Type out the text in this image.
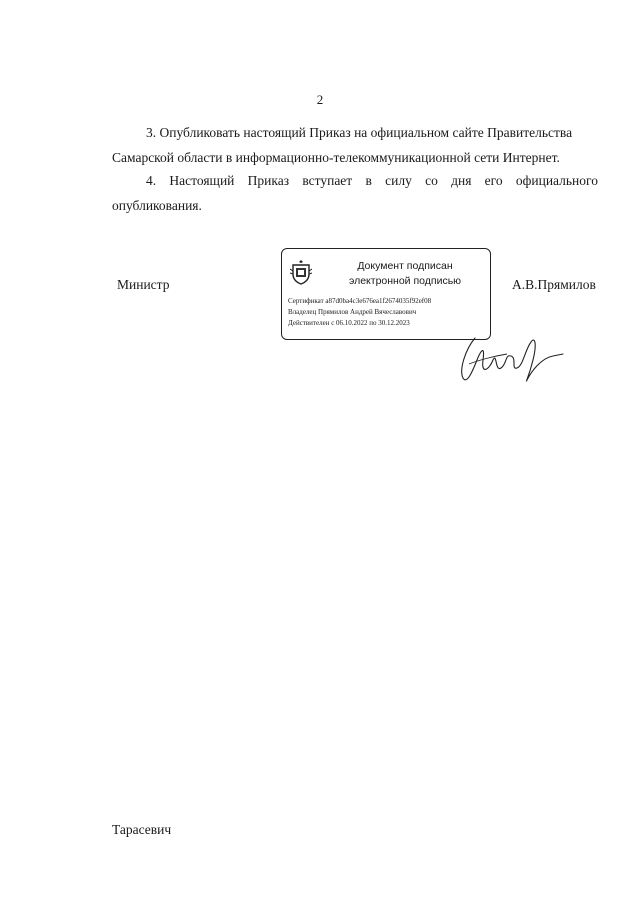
2
3. Опубликовать настоящий Приказ на официальном сайте Правительства
Самарской области в информационно-телекоммуникационной сети Интернет.
4. Настоящий Приказ вступает в силу со дня его официального
опубликования.
Министр
Документ подписан
электронной подписью
Сертификат a87d0ba4c3e676ea1f2674035f92ef08
Владелец Прямилов Андрей Вячеславович
Действителен с 06.10.2022 по 30.12.2023
А.В.Прямилов
Тарасевич
